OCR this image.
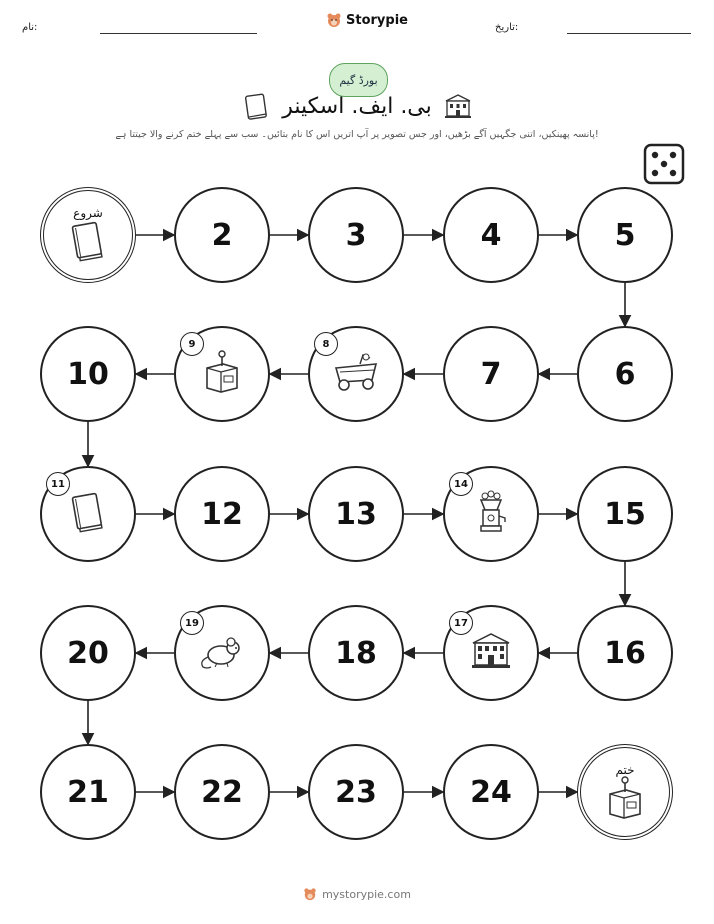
نام:	Storypie	تاریخ:
بورڈ گیم
بی. ایف. اسکینر
پانسہ پھینکیں، اتنی جگہیں آگے بڑھیں، اور جس تصویر پر آپ اتریں اس کا نام بتائیں۔ سب سے پہلے ختم کرنے والا جیتتا ہے!
شروع
2	3	4	5
6
7
8
9
10
11
12	13
14
15
16
17
18
19
20
21	22	23	24
ختم
mystorypie.com
